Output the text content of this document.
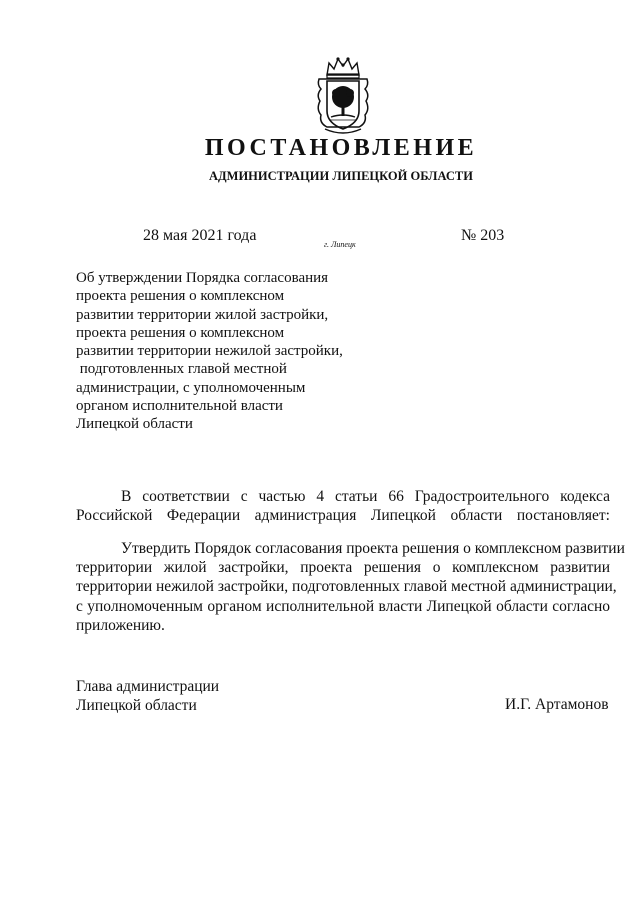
ПОСТАНОВЛЕНИЕ
АДМИНИСТРАЦИИ ЛИПЕЦКОЙ ОБЛАСТИ
28 мая 2021 года
г. Липецк
№ 203
Об утверждении Порядка согласования
проекта решения о комплексном
развитии территории жилой застройки,
проекта решения о комплексном
развитии территории нежилой застройки,
подготовленных главой местной
администрации, с уполномоченным
органом исполнительной власти
Липецкой области
В соответствии с частью 4 статьи 66 Градостроительного кодекса
Российской Федерации администрация Липецкой области постановляет:
Утвердить Порядок согласования проекта решения о комплексном развитии
территории жилой застройки, проекта решения о комплексном развитии
территории нежилой застройки, подготовленных главой местной администрации,
с уполномоченным органом исполнительной власти Липецкой области согласно
приложению.
Глава администрации
Липецкой области	И.Г. Артамонов
